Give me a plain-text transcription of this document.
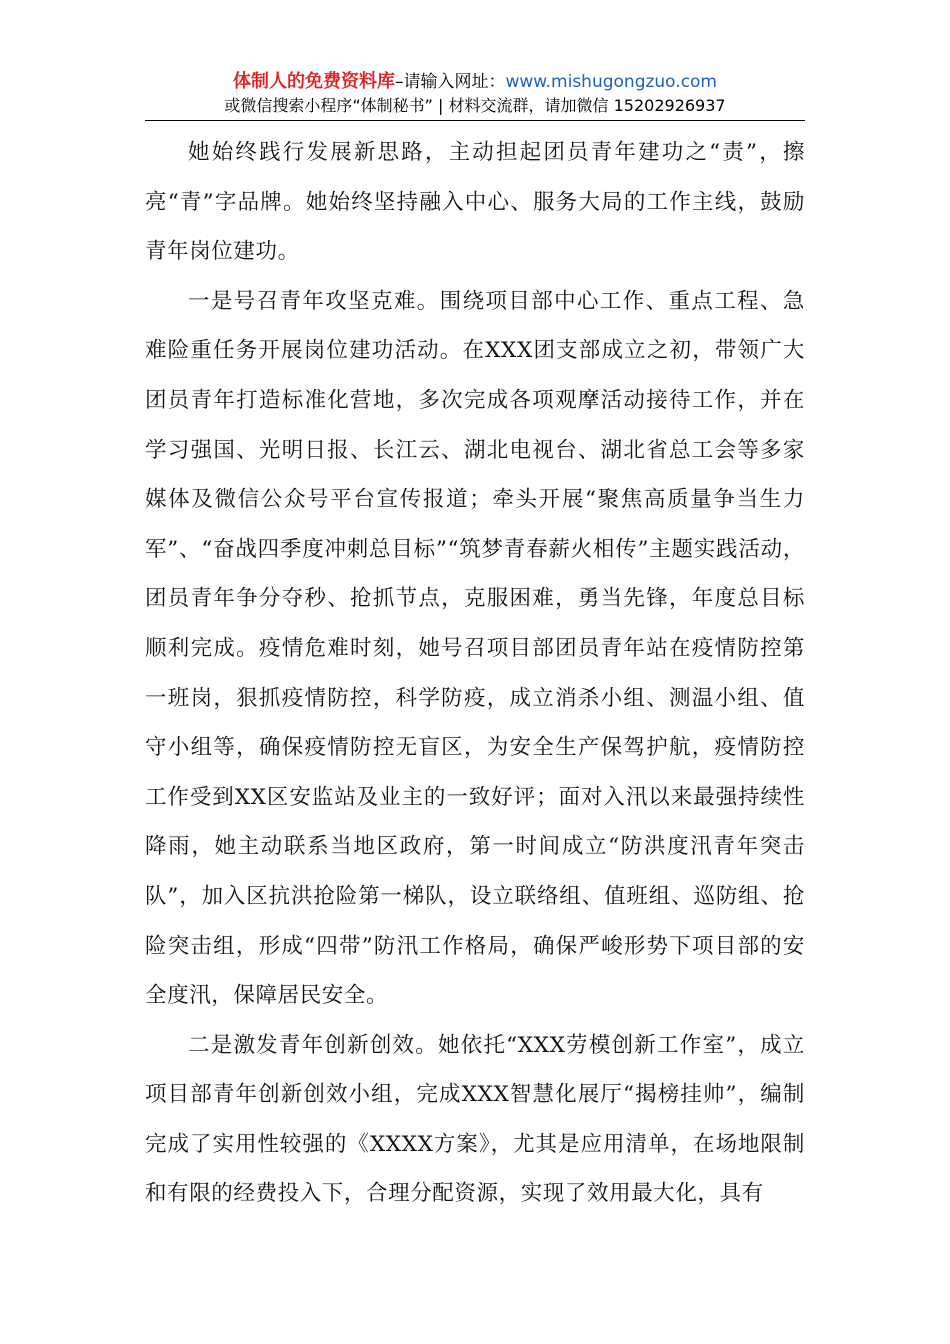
体制人的免费资料库–请输入网址：www.mishugongzuo.com
或微信搜索小程序“体制秘书” | 材料交流群，请加微信 15202926937

她始终践行发展新思路，主动担起团员青年建功之“责”，擦亮“青”字品牌。她始终坚持融入中心、服务大局的工作主线，鼓励青年岗位建功。

一是号召青年攻坚克难。围绕项目部中心工作、重点工程、急难险重任务开展岗位建功活动。在XXX团支部成立之初，带领广大团员青年打造标准化营地，多次完成各项观摩活动接待工作，并在学习强国、光明日报、长江云、湖北电视台、湖北省总工会等多家媒体及微信公众号平台宣传报道；牵头开展“聚焦高质量争当生力军”、“奋战四季度冲刺总目标”“筑梦青春薪火相传”主题实践活动，团员青年争分夺秒、抢抓节点，克服困难，勇当先锋，年度总目标顺利完成。疫情危难时刻，她号召项目部团员青年站在疫情防控第一班岗，狠抓疫情防控，科学防疫，成立消杀小组、测温小组、值守小组等，确保疫情防控无盲区，为安全生产保驾护航，疫情防控工作受到XX区安监站及业主的一致好评；面对入汛以来最强持续性降雨，她主动联系当地区政府，第一时间成立“防洪度汛青年突击队”，加入区抗洪抢险第一梯队，设立联络组、值班组、巡防组、抢险突击组，形成“四带”防汛工作格局，确保严峻形势下项目部的安全度汛，保障居民安全。

二是激发青年创新创效。她依托“XXX劳模创新工作室”，成立项目部青年创新创效小组，完成XXX智慧化展厅“揭榜挂帅”，编制完成了实用性较强的《XXXX方案》，尤其是应用清单，在场地限制和有限的经费投入下，合理分配资源，实现了效用最大化，具有
